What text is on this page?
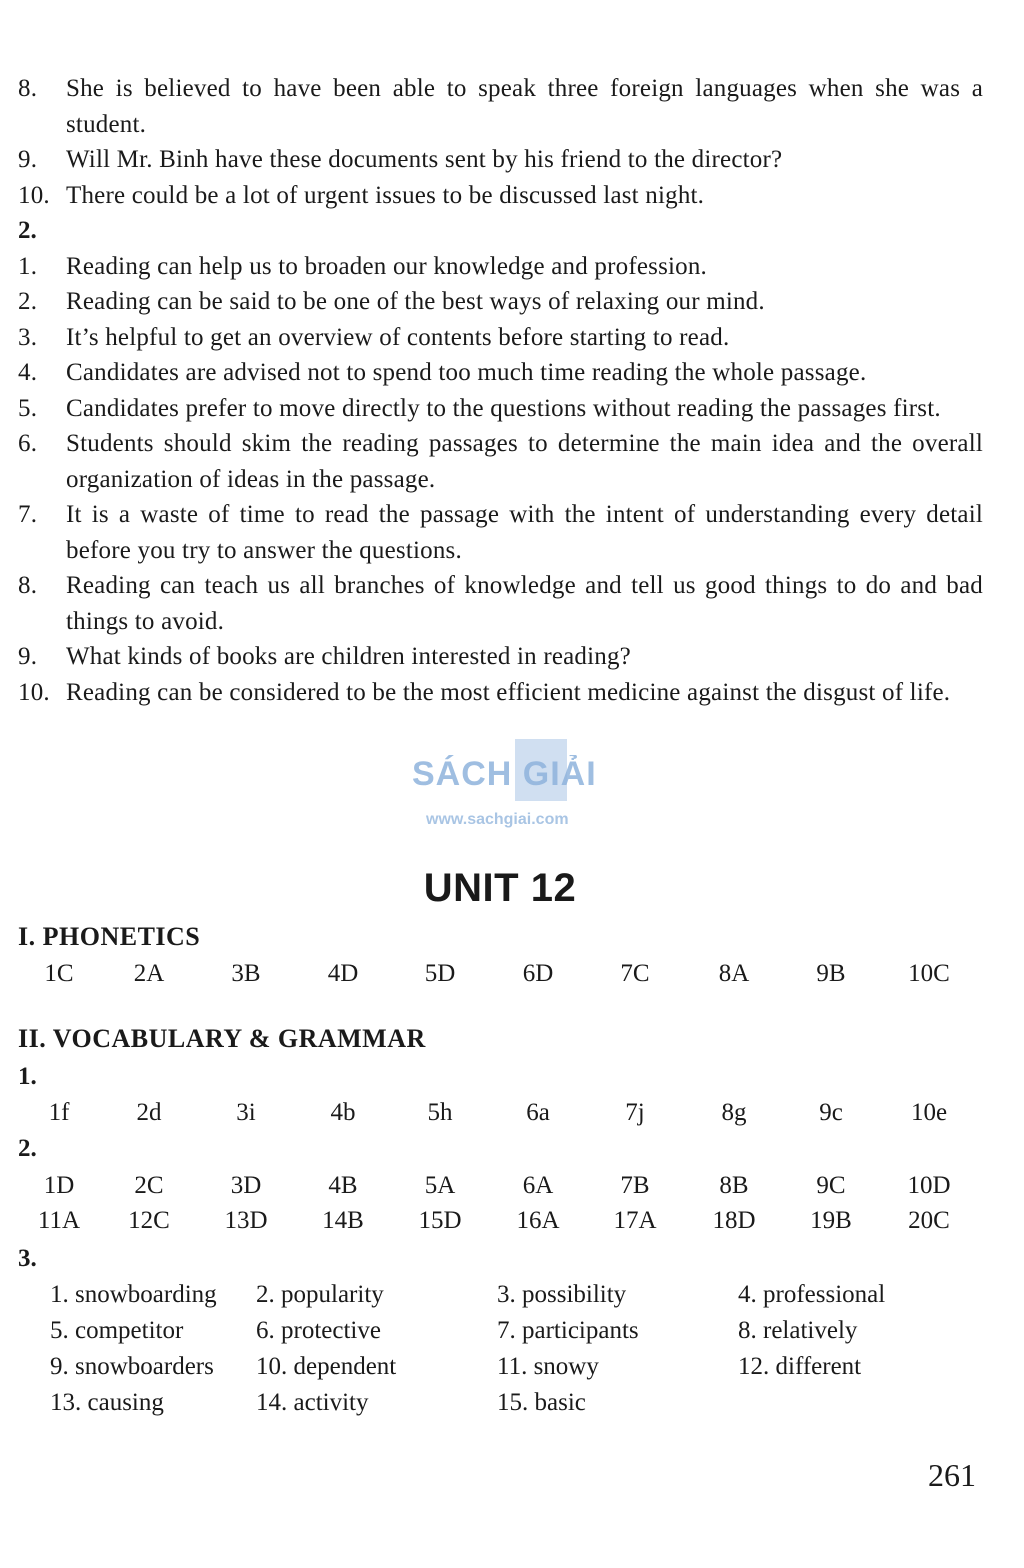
8.	She is believed to have been able to speak three foreign languages when she was a student.
9.	Will Mr. Binh have these documents sent by his friend to the director?
10. There could be a lot of urgent issues to be discussed last night.
2.
1.	Reading can help us to broaden our knowledge and profession.
2.	Reading can be said to be one of the best ways of relaxing our mind.
3.	It’s helpful to get an overview of contents before starting to read.
4.	Candidates are advised not to spend too much time reading the whole passage.
5.	Candidates prefer to move directly to the questions without reading the passages first.
6.	Students should skim the reading passages to determine the main idea and the overall organization of ideas in the passage.
7.	It is a waste of time to read the passage with the intent of understanding every detail before you try to answer the questions.
8.	Reading can teach us all branches of knowledge and tell us good things to do and bad things to avoid.
9.	What kinds of books are children interested in reading?
10. Reading can be considered to be the most efficient medicine against the disgust of life.
SÁCH GIẢI
www.sachgiai.com
UNIT 12
I. PHONETICS
1C	2A	3B	4D	5D	6D	7C	8A	9B	10C
II. VOCABULARY & GRAMMAR
1.
1f	2d	3i	4b	5h	6a	7j	8g	9c	10e
2.
1D	2C	3D	4B	5A	6A	7B	8B	9C	10D
11A	12C	13D	14B	15D	16A	17A	18D	19B	20C
3.
1. snowboarding 2. popularity	3. possibility	4. professional
5. competitor	6. protective	7. participants	8. relatively
9. snowboarders 10. dependent	11. snowy	12. different
13. causing	14. activity	15. basic
261
